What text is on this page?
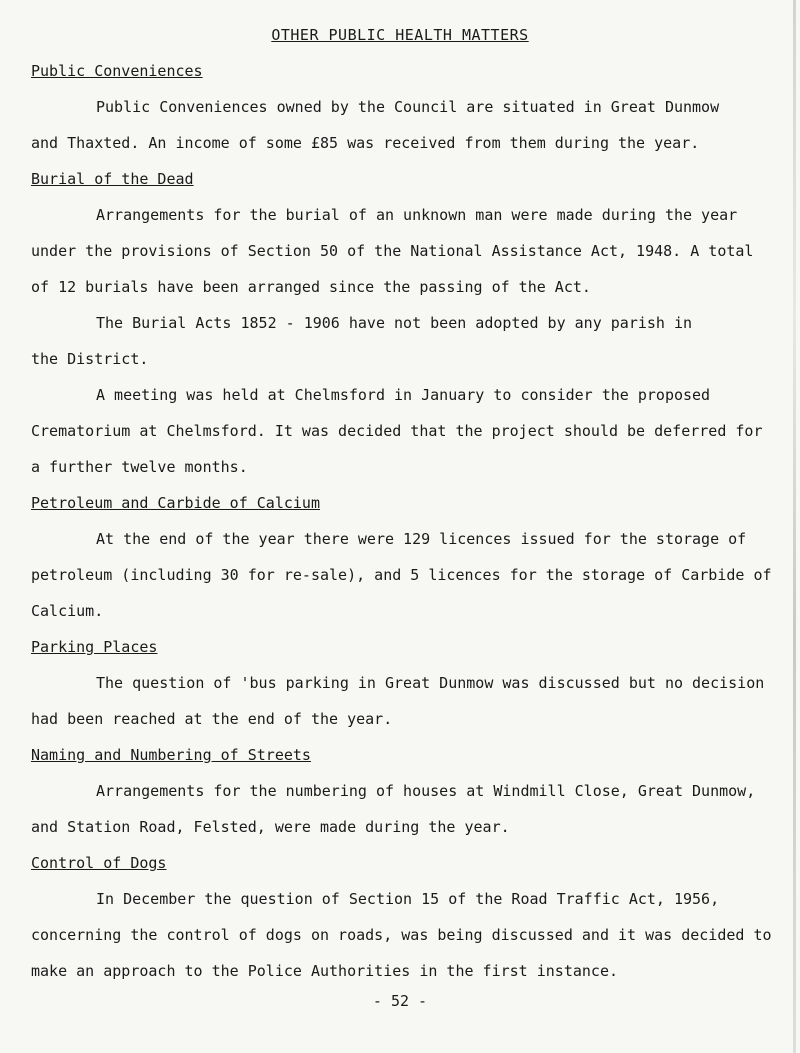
OTHER PUBLIC HEALTH MATTERS
Public Conveniences
Public Conveniences owned by the Council are situated in Great Dunmow
and Thaxted. An income of some £85 was received from them during the year.
Burial of the Dead
Arrangements for the burial of an unknown man were made during the year
under the provisions of Section 50 of the National Assistance Act, 1948. A total
of 12 burials have been arranged since the passing of the Act.
The Burial Acts 1852 - 1906 have not been adopted by any parish in
the District.
A meeting was held at Chelmsford in January to consider the proposed
Crematorium at Chelmsford. It was decided that the project should be deferred for
a further twelve months.
Petroleum and Carbide of Calcium
At the end of the year there were 129 licences issued for the storage of
petroleum (including 30 for re-sale), and 5 licences for the storage of Carbide of
Calcium.
Parking Places
The question of 'bus parking in Great Dunmow was discussed but no decision
had been reached at the end of the year.
Naming and Numbering of Streets
Arrangements for the numbering of houses at Windmill Close, Great Dunmow,
and Station Road, Felsted, were made during the year.
Control of Dogs
In December the question of Section 15 of the Road Traffic Act, 1956,
concerning the control of dogs on roads, was being discussed and it was decided to
make an approach to the Police Authorities in the first instance.
- 52 -
